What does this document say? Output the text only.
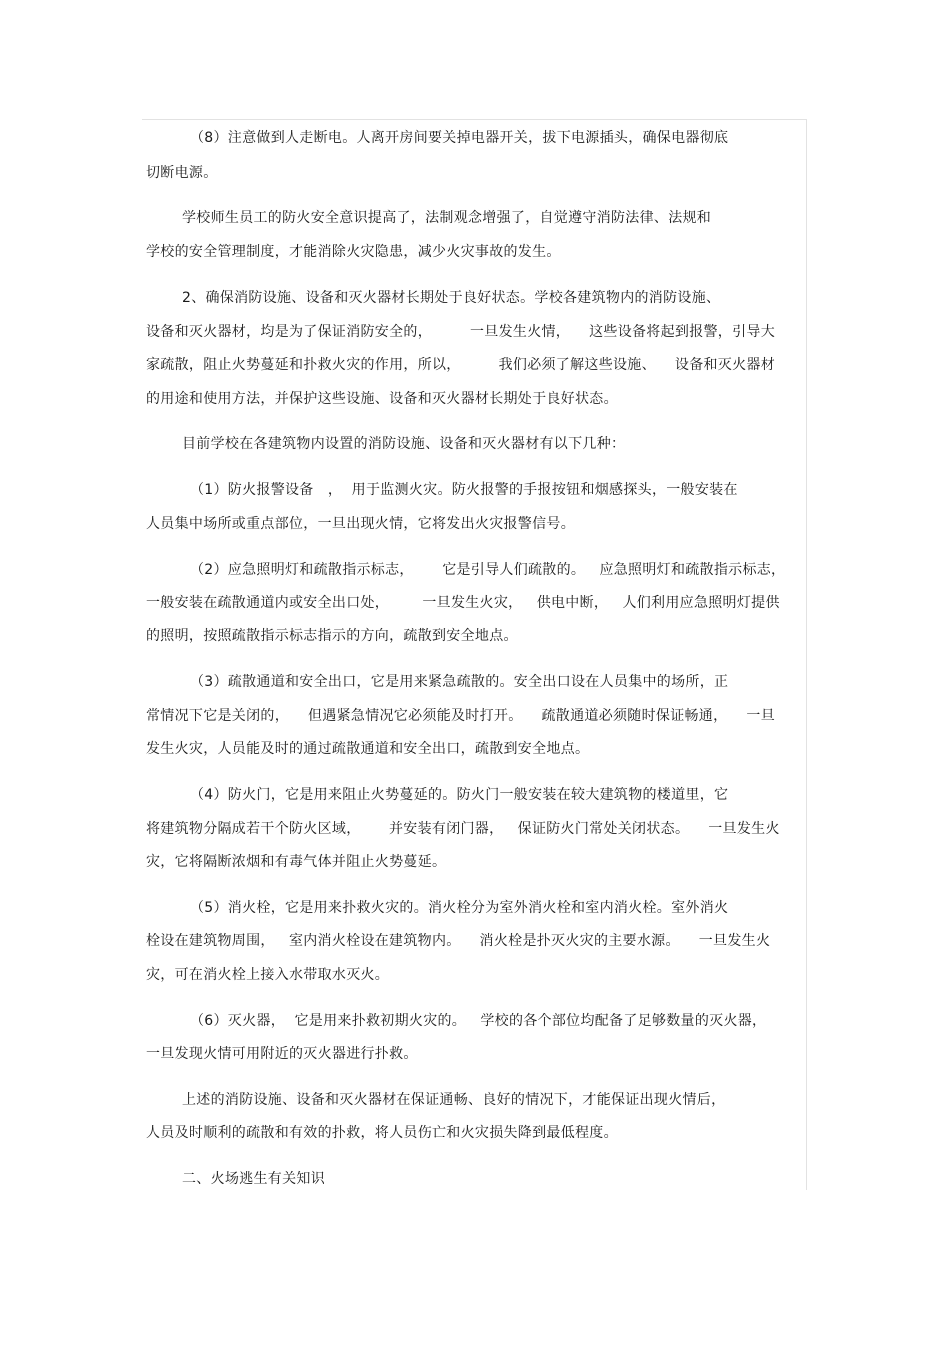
（8）注意做到人走断电。人离开房间要关掉电器开关，拔下电源插头，确保电器彻底
切断电源。
学校师生员工的防火安全意识提高了，法制观念增强了，自觉遵守消防法律、法规和
学校的安全管理制度，才能消除火灾隐患，减少火灾事故的发生。
2、确保消防设施、设备和灭火器材长期处于良好状态。学校各建筑物内的消防设施、
设备和灭火器材，均是为了保证消防安全的，        一旦发生火情，    这些设备将起到报警，引导大
家疏散，阻止火势蔓延和扑救火灾的作用，所以，        我们必须了解这些设施、    设备和灭火器材
的用途和使用方法，并保护这些设施、设备和灭火器材长期处于良好状态。
目前学校在各建筑物内设置的消防设施、设备和灭火器材有以下几种：
（1）防火报警设备   ，  用于监测火灾。防火报警的手报按钮和烟感探头，一般安装在
人员集中场所或重点部位，一旦出现火情，它将发出火灾报警信号。
（2）应急照明灯和疏散指示标志，      它是引导人们疏散的。   应急照明灯和疏散指示标志，
一般安装在疏散通道内或安全出口处，       一旦发生火灾，   供电中断，   人们利用应急照明灯提供
的照明，按照疏散指示标志指示的方向，疏散到安全地点。
（3）疏散通道和安全出口，它是用来紧急疏散的。安全出口设在人员集中的场所，正
常情况下它是关闭的，    但遇紧急情况它必须能及时打开。    疏散通道必须随时保证畅通，    一旦
发生火灾，人员能及时的通过疏散通道和安全出口，疏散到安全地点。
（4）防火门，它是用来阻止火势蔓延的。防火门一般安装在较大建筑物的楼道里，它
将建筑物分隔成若干个防火区域，      并安装有闭门器，   保证防火门常处关闭状态。    一旦发生火
灾，它将隔断浓烟和有毒气体并阻止火势蔓延。
（5）消火栓，它是用来扑救火灾的。消火栓分为室外消火栓和室内消火栓。室外消火
栓设在建筑物周围，   室内消火栓设在建筑物内。    消火栓是扑灭火灾的主要水源。    一旦发生火
灾，可在消火栓上接入水带取水灭火。
（6）灭火器，  它是用来扑救初期火灾的。   学校的各个部位均配备了足够数量的灭火器，
一旦发现火情可用附近的灭火器进行扑救。
上述的消防设施、设备和灭火器材在保证通畅、良好的情况下，才能保证出现火情后，
人员及时顺利的疏散和有效的扑救，将人员伤亡和火灾损失降到最低程度。
二、火场逃生有关知识
